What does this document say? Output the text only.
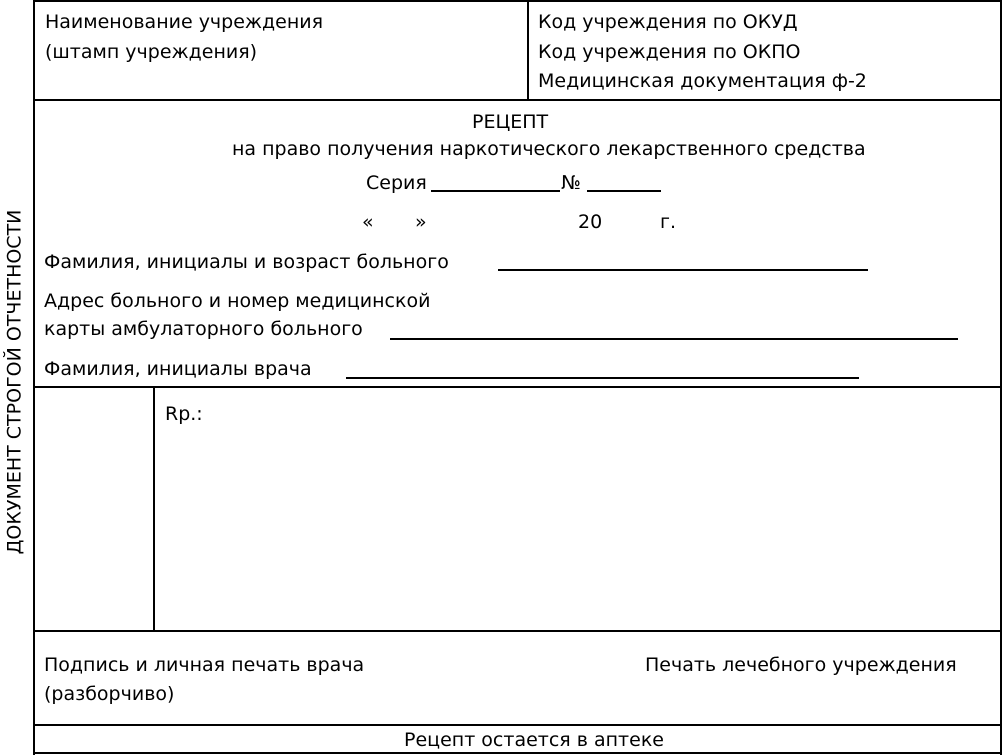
ДОКУМЕНТ СТРОГОЙ ОТЧЕТНОСТИ
Наименование учреждения
(штамп учреждения)
Код учреждения по ОКУД
Код учреждения по ОКПО
Медицинская документация ф-2
РЕЦЕПТ
на право получения наркотического лекарственного средства
Серия	№
« »	20	г.
Фамилия, инициалы и возраст больного
Адрес больного и номер медицинской
карты амбулаторного больного
Фамилия, инициалы врача
Rp.:
Подпись и личная печать врача
(разборчиво)
Печать лечебного учреждения
Рецепт остается в аптеке
